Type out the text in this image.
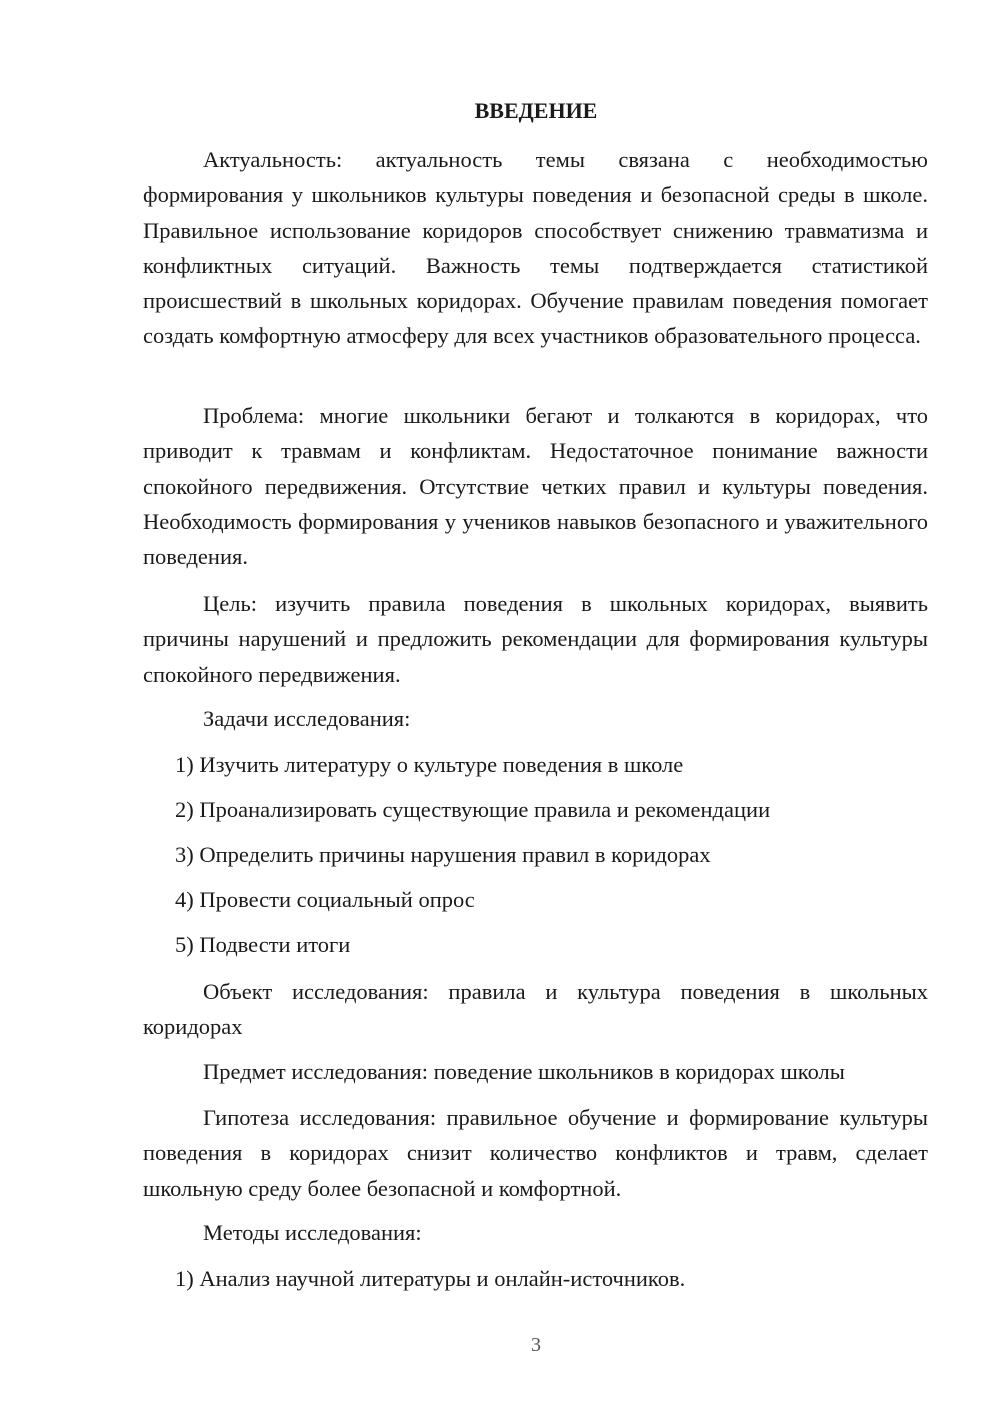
ВВЕДЕНИЕ

Актуальность: актуальность темы связана с необходимостью формирования у школьников культуры поведения и безопасной среды в школе. Правильное использование коридоров способствует снижению травматизма и конфликтных ситуаций. Важность темы подтверждается статистикой происшествий в школьных коридорах. Обучение правилам поведения помогает создать комфортную атмосферу для всех участников образовательного процесса.

Проблема: многие школьники бегают и толкаются в коридорах, что приводит к травмам и конфликтам. Недостаточное понимание важности спокойного передвижения. Отсутствие четких правил и культуры поведения. Необходимость формирования у учеников навыков безопасного и уважительного поведения.

Цель: изучить правила поведения в школьных коридорах, выявить причины нарушений и предложить рекомендации для формирования культуры спокойного передвижения.

Задачи исследования:
1) Изучить литературу о культуре поведения в школе
2) Проанализировать существующие правила и рекомендации
3) Определить причины нарушения правил в коридорах
4) Провести социальный опрос
5) Подвести итоги

Объект исследования: правила и культура поведения в школьных коридорах

Предмет исследования: поведение школьников в коридорах школы

Гипотеза исследования: правильное обучение и формирование культуры поведения в коридорах снизит количество конфликтов и травм, сделает школьную среду более безопасной и комфортной.

Методы исследования:
1) Анализ научной литературы и онлайн-источников.
3
